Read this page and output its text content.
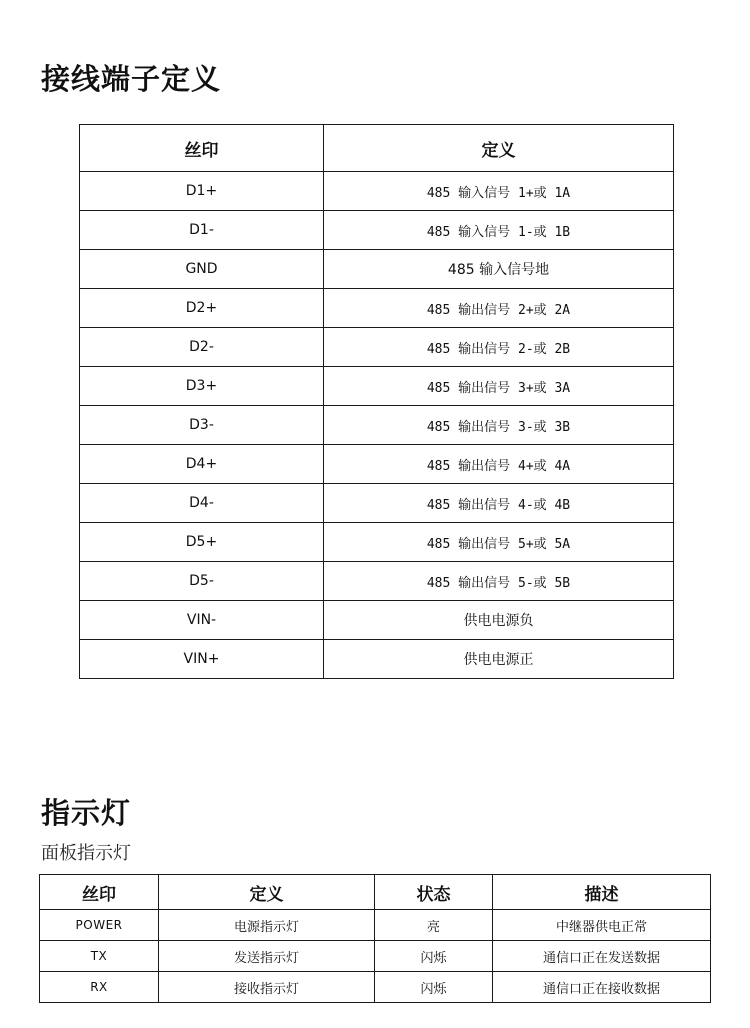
接线端子定义
丝印	定义
D1+	485 输入信号 1+或 1A
D1-	485 输入信号 1-或 1B
GND	485 输入信号地
D2+	485 输出信号 2+或 2A
D2-	485 输出信号 2-或 2B
D3+	485 输出信号 3+或 3A
D3-	485 输出信号 3-或 3B
D4+	485 输出信号 4+或 4A
D4-	485 输出信号 4-或 4B
D5+	485 输出信号 5+或 5A
D5-	485 输出信号 5-或 5B
VIN-	供电电源负
VIN+	供电电源正
指示灯
面板指示灯
丝印	定义	状态	描述
POWER	电源指示灯	亮	中继器供电正常
TX	发送指示灯	闪烁	通信口正在发送数据
RX	接收指示灯	闪烁	通信口正在接收数据
